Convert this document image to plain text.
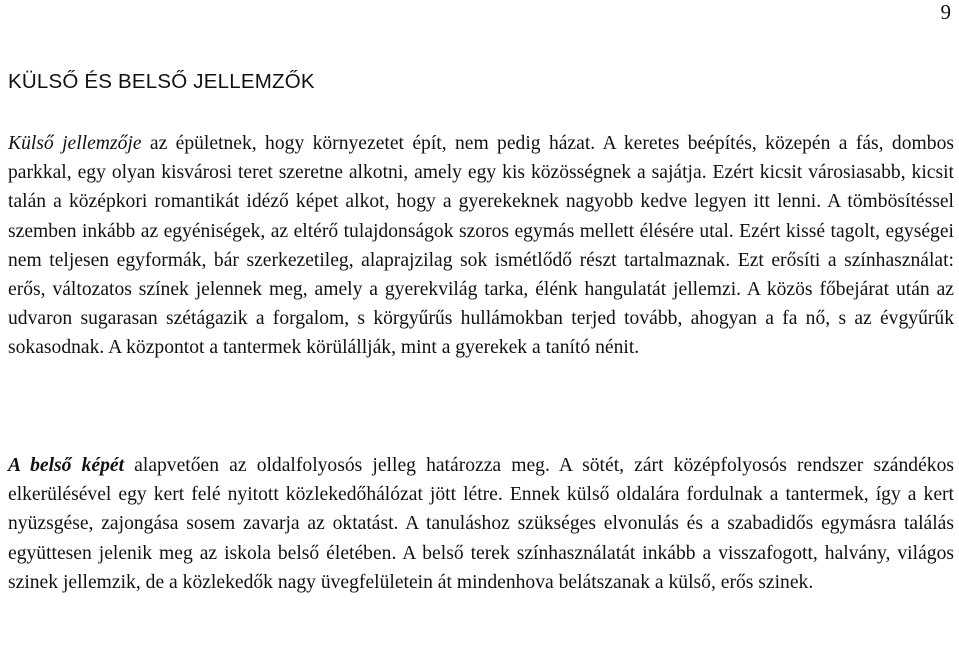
9
KÜLSŐ ÉS BELSŐ JELLEMZŐK

Külső jellemzője az épületnek, hogy környezetet épít, nem pedig házat. A keretes beépítés, közepén a fás, dombos parkkal, egy olyan kisvárosi teret szeretne alkotni, amely egy kis közösségnek a sajátja. Ezért kicsit városiasabb, kicsit talán a középkori romantikát idéző képet alkot, hogy a gyerekeknek nagyobb kedve legyen itt lenni. A tömbösítéssel szemben inkább az egyéniségek, az eltérő tulajdonságok szoros egymás mellett élésére utal. Ezért kissé tagolt, egységei nem teljesen egyformák, bár szerkezetileg, alaprajzilag sok ismétlődő részt tartalmaznak. Ezt erősíti a színhasználat: erős, változatos színek jelennek meg, amely a gyerekvilág tarka, élénk hangulatát jellemzi. A közös főbejárat után az udvaron sugarasan szétágazik a forgalom, s körgyűrűs hullámokban terjed tovább, ahogyan a fa nő, s az évgyűrűk sokasodnak. A központot a tantermek körülállják, mint a gyerekek a tanító nénit.

A belső képét alapvetően az oldalfolyosós jelleg határozza meg. A sötét, zárt középfolyosós rendszer szándékos elkerülésével egy kert felé nyitott közlekedőhálózat jött létre. Ennek külső oldalára fordulnak a tantermek, így a kert nyüzsgése, zajongása sosem zavarja az oktatást. A tanuláshoz szükséges elvonulás és a szabadidős egymásra találás együttesen jelenik meg az iskola belső életében. A belső terek színhasználatát inkább a visszafogott, halvány, világos szinek jellemzik, de a közlekedők nagy üvegfelületein át mindenhova belátszanak a külső, erős szinek.
